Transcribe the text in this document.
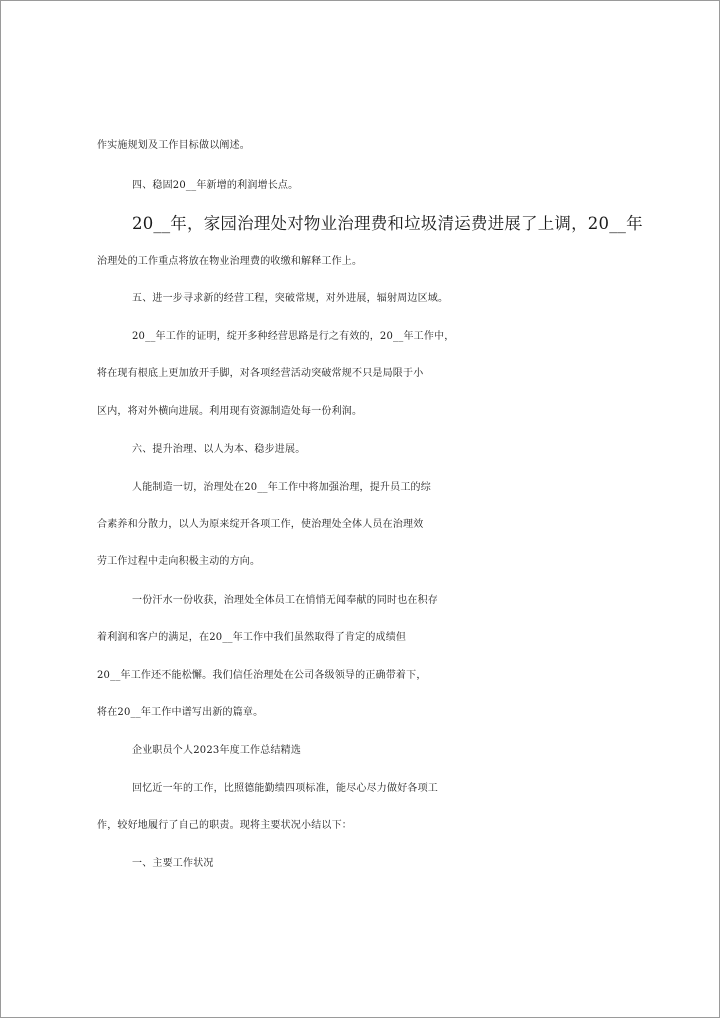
作实施规划及工作目标做以阐述。
四、稳固20__年新增的利润增长点。
20__年，家园治理处对物业治理费和垃圾清运费进展了上调，20__年
治理处的工作重点将放在物业治理费的收缴和解释工作上。
五、进一步寻求新的经营工程，突破常规，对外进展，辐射周边区域。
20__年工作的证明，绽开多种经营思路是行之有效的，20__年工作中，
将在现有根底上更加放开手脚，对各项经营活动突破常规不只是局限于小
区内，将对外横向进展。利用现有资源制造处每一份利润。
六、提升治理、以人为本、稳步进展。
人能制造一切，治理处在20__年工作中将加强治理，提升员工的综
合素养和分散力，以人为原来绽开各项工作，使治理处全体人员在治理效
劳工作过程中走向积极主动的方向。
一份汗水一份收获，治理处全体员工在悄悄无闻奉献的同时也在积存
着利润和客户的满足，在20__年工作中我们虽然取得了肯定的成绩但
20__年工作还不能松懈。我们信任治理处在公司各级领导的正确带着下，
将在20__年工作中谱写出新的篇章。
企业职员个人2023年度工作总结精选
回忆近一年的工作，比照德能勤绩四项标准，能尽心尽力做好各项工
作，较好地履行了自己的职责。现将主要状况小结以下：
一、主要工作状况
